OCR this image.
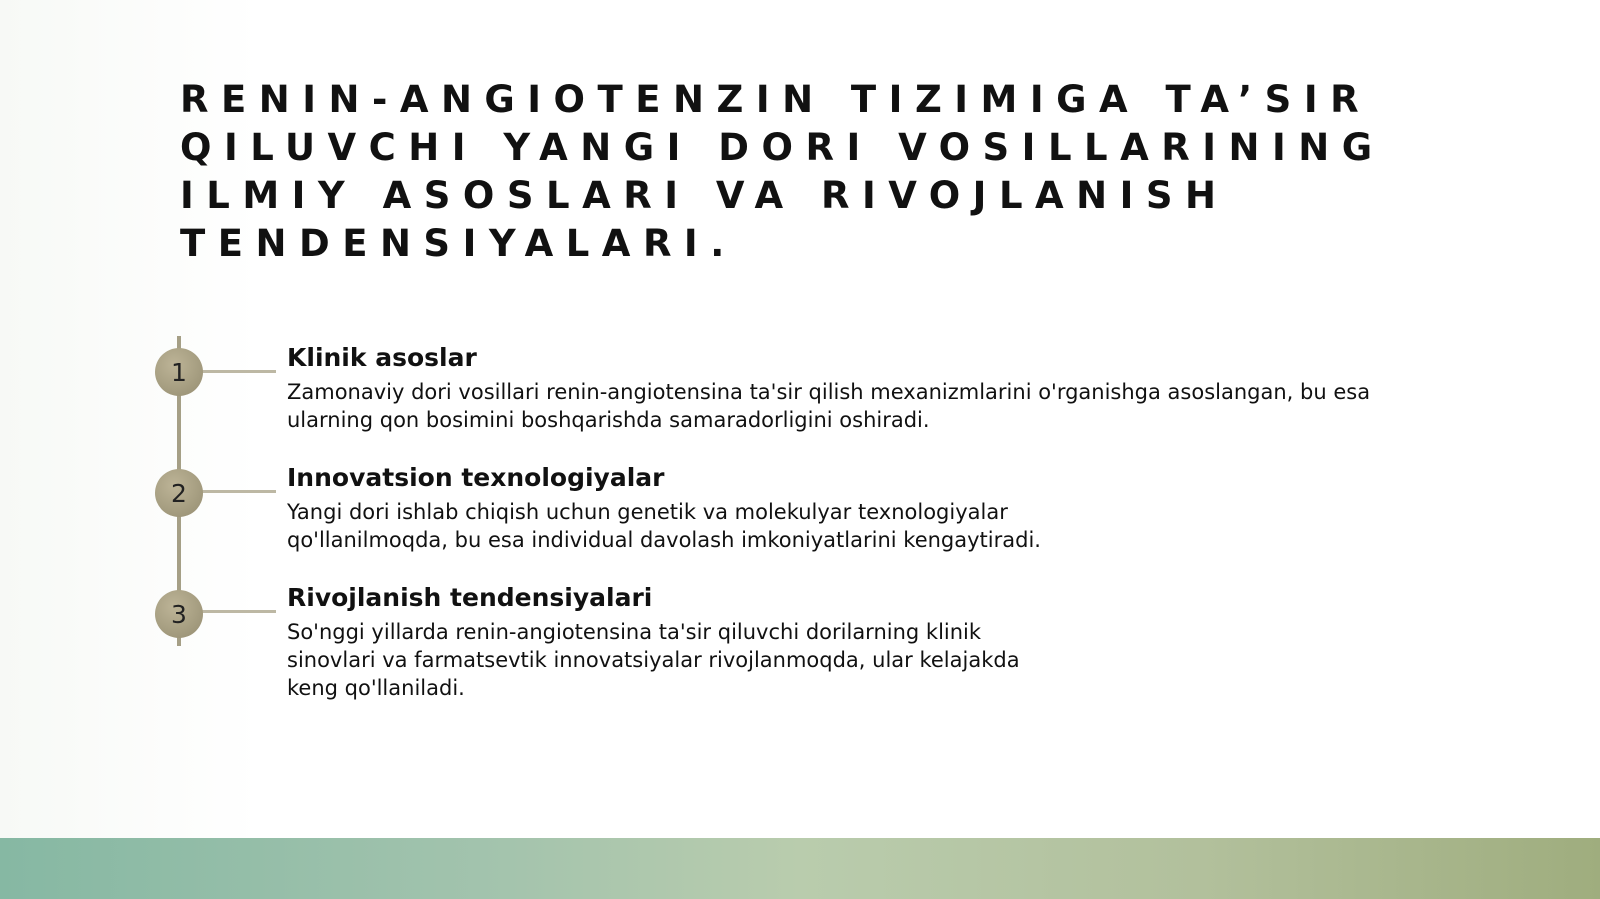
RENIN-ANGIOTENZIN TIZIMIGA TA’SIR QILUVCHI YANGI DORI VOSILLARINING ILMIY ASOSLARI VA RIVOJLANISH TENDENSIYALARI.
1	Klinik asoslar

Zamonaviy dori vosillari renin-angiotensina ta'sir qilish mexanizmlarini o'rganishga asoslangan, bu esa ularning qon bosimini boshqarishda samaradorligini oshiradi.

2
Innovatsion texnologiyalar

Yangi dori ishlab chiqish uchun genetik va molekulyar texnologiyalar qo'llanilmoqda, bu esa individual davolash imkoniyatlarini kengaytiradi.

3
Rivojlanish tendensiyalari

So'nggi yillarda renin-angiotensina ta'sir qiluvchi dorilarning klinik sinovlari va farmatsevtik innovatsiyalar rivojlanmoqda, ular kelajakda keng qo'llaniladi.
